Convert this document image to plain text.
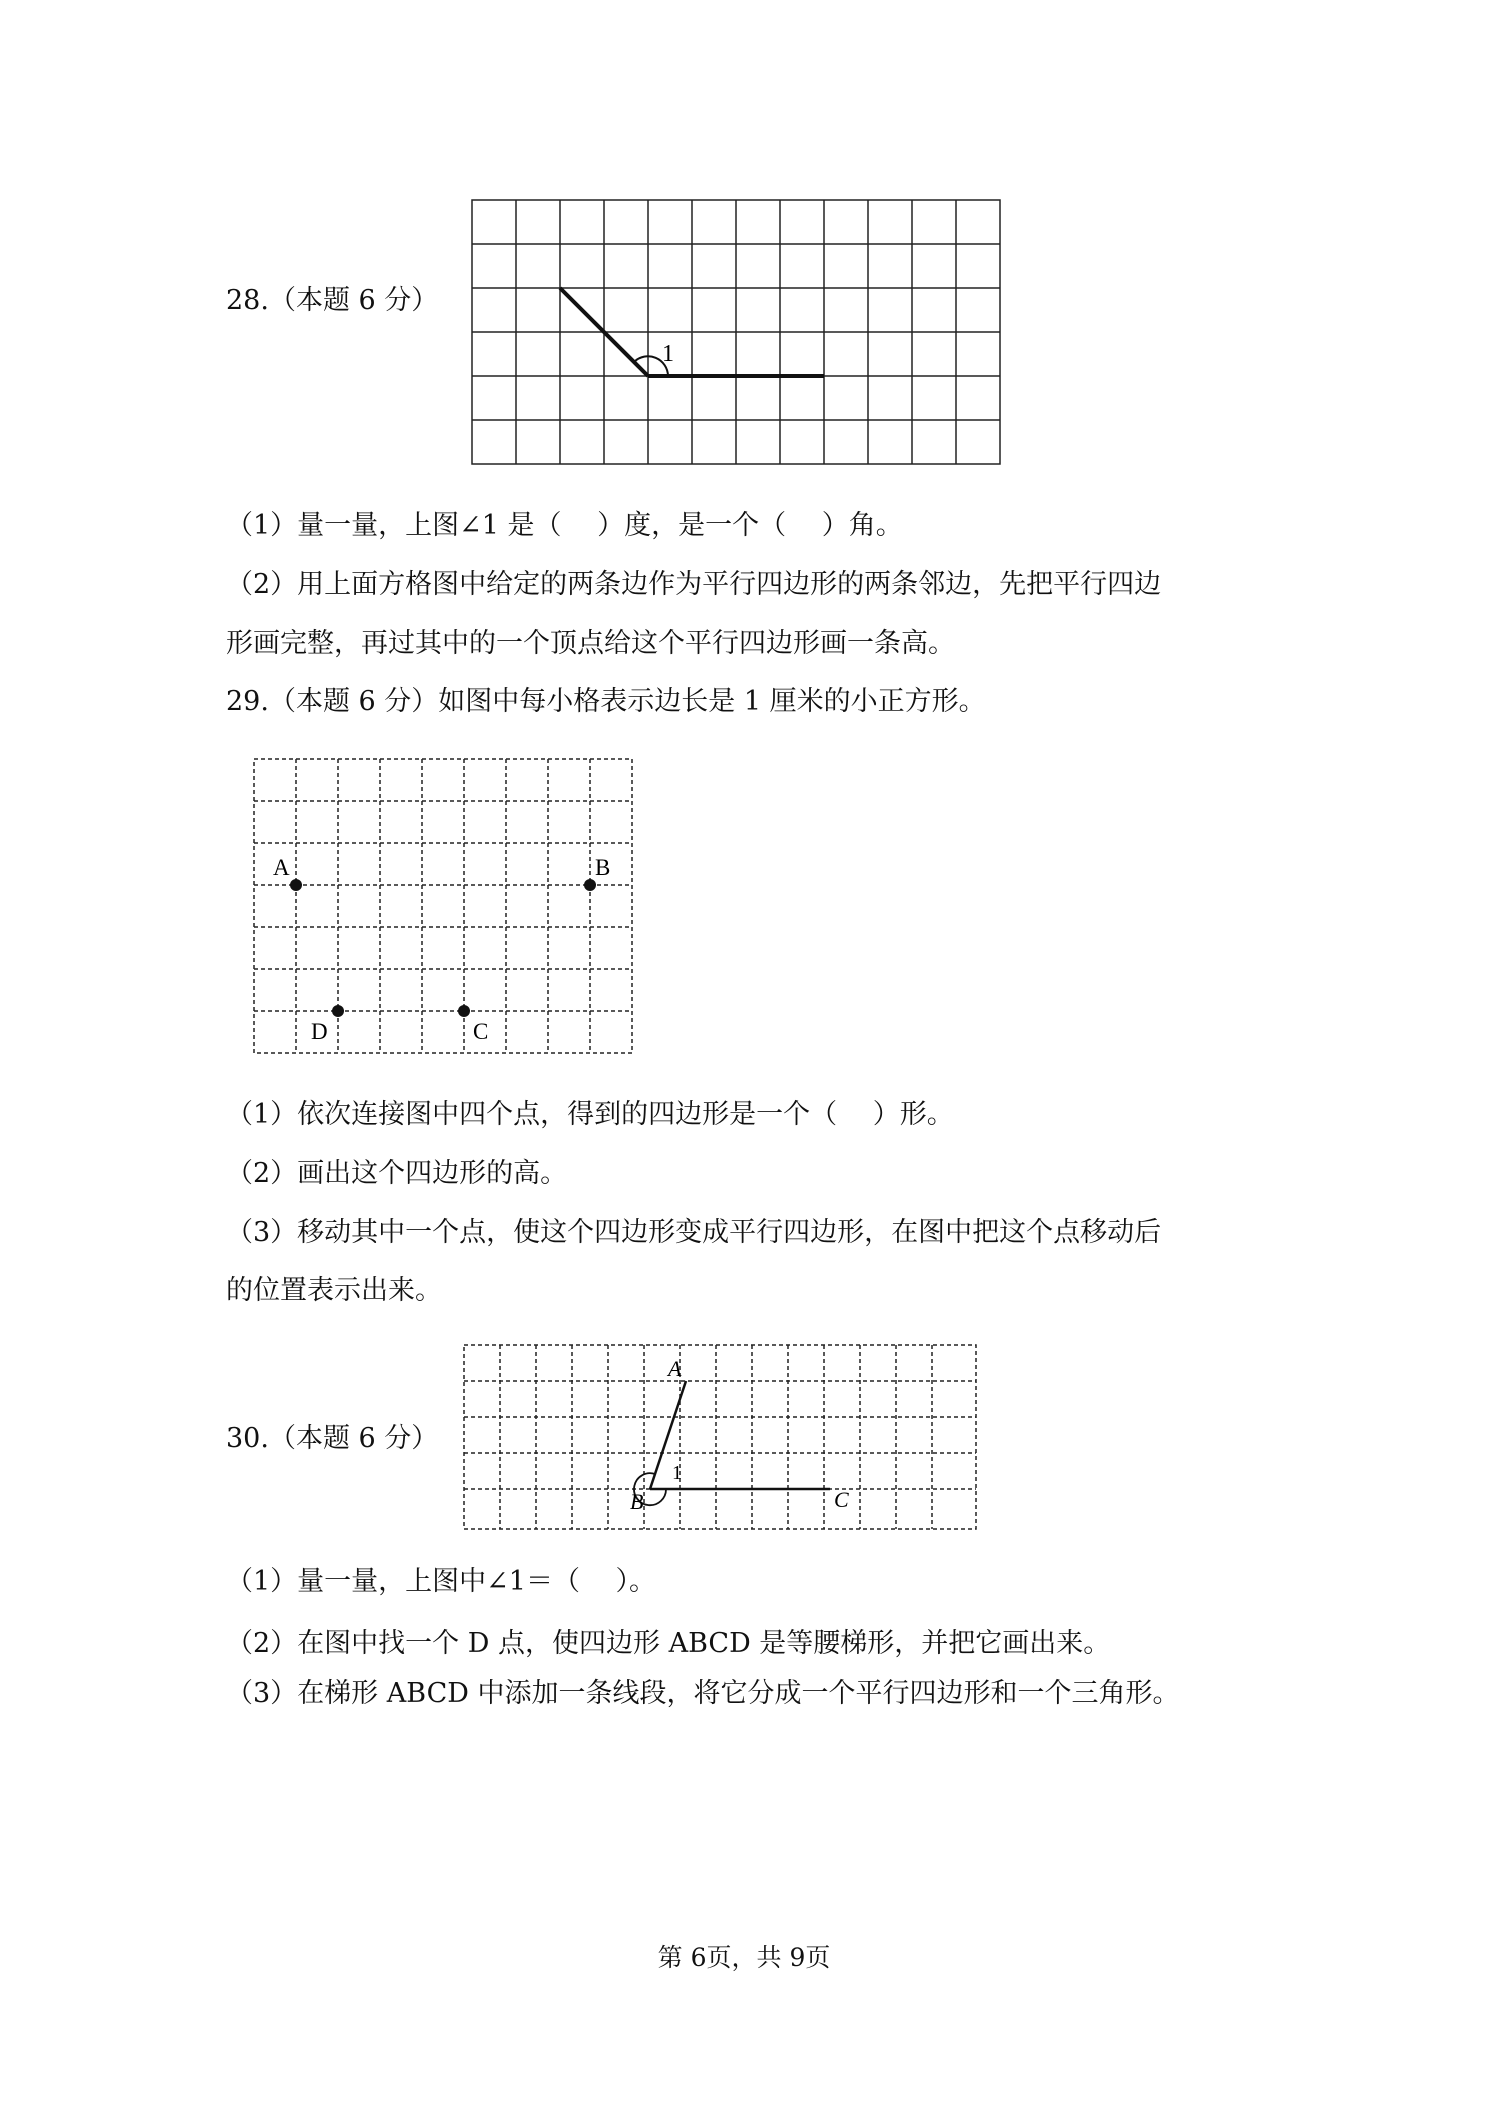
28.（本题 6 分）
1
（1）量一量，上图∠1 是（　 ）度，是一个（　 ）角。
（2）用上面方格图中给定的两条边作为平行四边形的两条邻边，先把平行四边
形画完整，再过其中的一个顶点给这个平行四边形画一条高。
29.（本题 6 分）如图中每小格表示边长是 1 厘米的小正方形。
A	B
D	C
（1）依次连接图中四个点，得到的四边形是一个（　 ）形。
（2）画出这个四边形的高。
（3）移动其中一个点，使这个四边形变成平行四边形，在图中把这个点移动后
的位置表示出来。
30.（本题 6 分）
A
B	C
1
（1）量一量，上图中∠1＝（　 ）。
（2）在图中找一个 D 点，使四边形 ABCD 是等腰梯形，并把它画出来。
（3）在梯形 ABCD 中添加一条线段，将它分成一个平行四边形和一个三角形。
第 6页，共 9页
